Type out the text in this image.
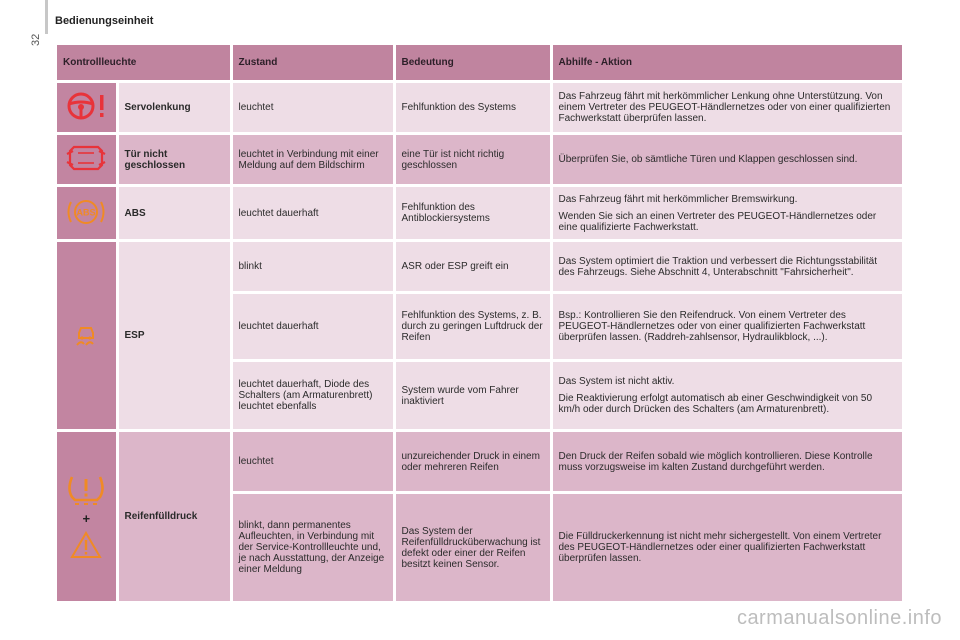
32
Bedienungseinheit
Kontrollleuchte		Zustand	Bedeutung	Abhilfe - Aktion
	Servolenkung	leuchtet	Fehlfunktion des Systems	Das Fahrzeug fährt mit herkömmlicher Lenkung ohne Unterstützung. Von einem Vertreter des PEUGEOT-Händlernetzes oder von einer qualifizierten Fachwerkstatt überprüfen lassen.
	Tür nicht geschlossen	leuchtet in Verbindung mit einer Meldung auf dem Bildschirm	eine Tür ist nicht richtig geschlossen	Überprüfen Sie, ob sämtliche Türen und Klappen geschlossen sind.

ABS	ABS	leuchtet dauerhaft	Fehlfunktion des Antiblockiersystems	Das Fahrzeug fährt mit herkömmlicher Bremswirkung.

Wenden Sie sich an einen Vertreter des PEUGEOT-Händlernetzes oder eine qualifizierte Fachwerkstatt.

	ESP	blinkt	ASR oder ESP greift ein	Das System optimiert die Traktion und verbessert die Richtungsstabilität des Fahrzeugs. Siehe Abschnitt 4, Unterabschnitt "Fahrsicherheit".
		leuchtet dauerhaft	Fehlfunktion des Systems, z. B. durch zu geringen Luftdruck der Reifen	Bsp.: Kontrollieren Sie den Reifendruck. Von einem Vertreter des PEUGEOT-Händlernetzes oder von einer qualifizierten Fachwerkstatt überprüfen lassen. (Raddreh-zahlsensor, Hydraulikblock, ...).
		leuchtet dauerhaft, Diode des Schalters (am Armaturenbrett) leuchtet ebenfalls	System wurde vom Fahrer inaktiviert	Das System ist nicht aktiv.

Die Reaktivierung erfolgt automatisch ab einer Geschwindigkeit von 50 km/h oder durch Drücken des Schalters (am Armaturenbrett).

+	Reifenfülldruck	leuchtet	unzureichender Druck in einem oder mehreren Reifen	Den Druck der Reifen sobald wie möglich kontrollieren. Diese Kontrolle muss vorzugsweise im kalten Zustand durchgeführt werden.
		blinkt, dann permanentes Aufleuchten, in Verbindung mit der Service-Kontrollleuchte und, je nach Ausstattung, der Anzeige einer Meldung	Das System der Reifenfülldrucküberwachung ist defekt oder einer der Reifen besitzt keinen Sensor.	Die Fülldruckerkennung ist nicht mehr sichergestellt. Von einem Vertreter des PEUGEOT-Händlernetzes oder einer qualifizierten Fachwerkstatt überprüfen lassen.
carmanualsonline.info
